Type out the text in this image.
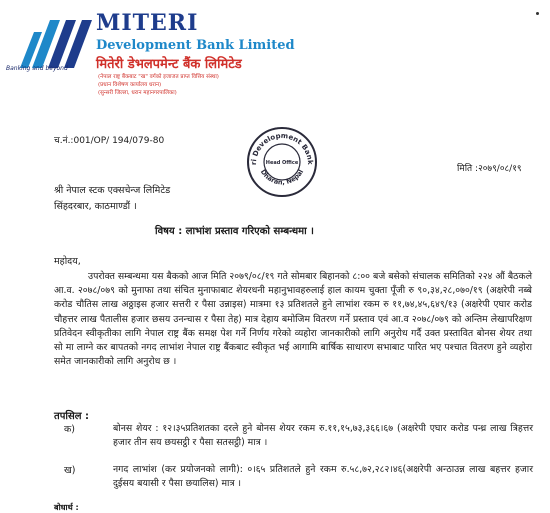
Banking and beyond
MITERI
Development Bank Limited
मितेरी डेभलपमेन्ट बैंक लिमिटेड
(नेपाल राष्ट्र बैंकबाट "ख" वर्गको इजाजत प्राप्त वित्तिय संस्था)
(प्रधान विशेषण कार्यालय धरान)
(सुन्सरी जिल्ला, धरान महानगरपालिका)
च.नं.:001/OP/ 194/079-80
ri Development Bank
Dharan, Nepal
Head Office
मिति :२०७९/०८/१९
श्री नेपाल स्टक एक्सचेन्ज लिमिटेड
सिंहदरबार, काठमाण्डौं ।
विषय : लाभांश प्रस्ताव गरिएको सम्बन्धमा ।
महोदय,

उपरोक्त सम्बन्धमा यस बैकको आज मिति २०७९/०८/१९ गते सोमबार बिहानको ८:०० बजे बसेको संचालक समितिको २२४ औं बैठकले आ.व. २०७८/०७९ को मुनाफा तथा संचित मुनाफाबाट शेयरधनी महानुभावहरुलाई हाल कायम चुक्ता पूँजी रु ९०,३४,२८,०७०/१९ (अक्षरेपी नब्बे करोड चौतिस लाख अठ्ठाइस हजार सत्तरी र पैसा उन्नाइस) मात्रमा १३ प्रतिशतले हुने लाभांश रकम रु ११,७४,४५,६४९/१३ (अक्षरेपी एघार करोड चौहत्तर लाख पैतालीस हजार छसय उनन्चास र पैसा तेह) मात्र देहाय बमोजिम वितरण गर्ने प्रस्ताव एवं आ.व २०७८/०७९ को अन्तिम लेखापरिक्षण प्रतिवेदन स्वीकृतीका लागि नेपाल राष्ट्र बैंक समक्ष पेश गर्ने निर्णय गरेको व्यहोरा जानकारीको लागि अनुरोध गर्दै उक्त प्रस्तावित बोनस शेयर तथा सो मा लाग्ने कर बापतको नगद लाभांश नेपाल राष्ट्र बैंकबाट स्वीकृत भई आगामि बार्षिक साधारण सभाबाट पारित भए पश्चात वितरण हुने व्यहोरा समेत जानकारीको लागि अनुरोध छ ।

तपसिल :
क)	बोनस शेयर : १२।३५प्रतिशतका दरले हुने बोनस शेयर रकम रु.११,१५,७३,३६६।६७ (अक्षरेपी एघार करोड पन्ध्र लाख त्रिहत्तर हजार तीन सय छयसट्ठी र पैसा सतसट्ठी) मात्र ।

ख)	नगद लाभांश (कर प्रयोजनको लागी): ०।६५ प्रतिशतले हुने रकम रु.५८,७२,२८२।४६(अक्षरेपी अन्ठाउन्न लाख बहत्तर हजार दुईसय बयासी र पैसा छयालिस) मात्र ।

बोधार्थ :
